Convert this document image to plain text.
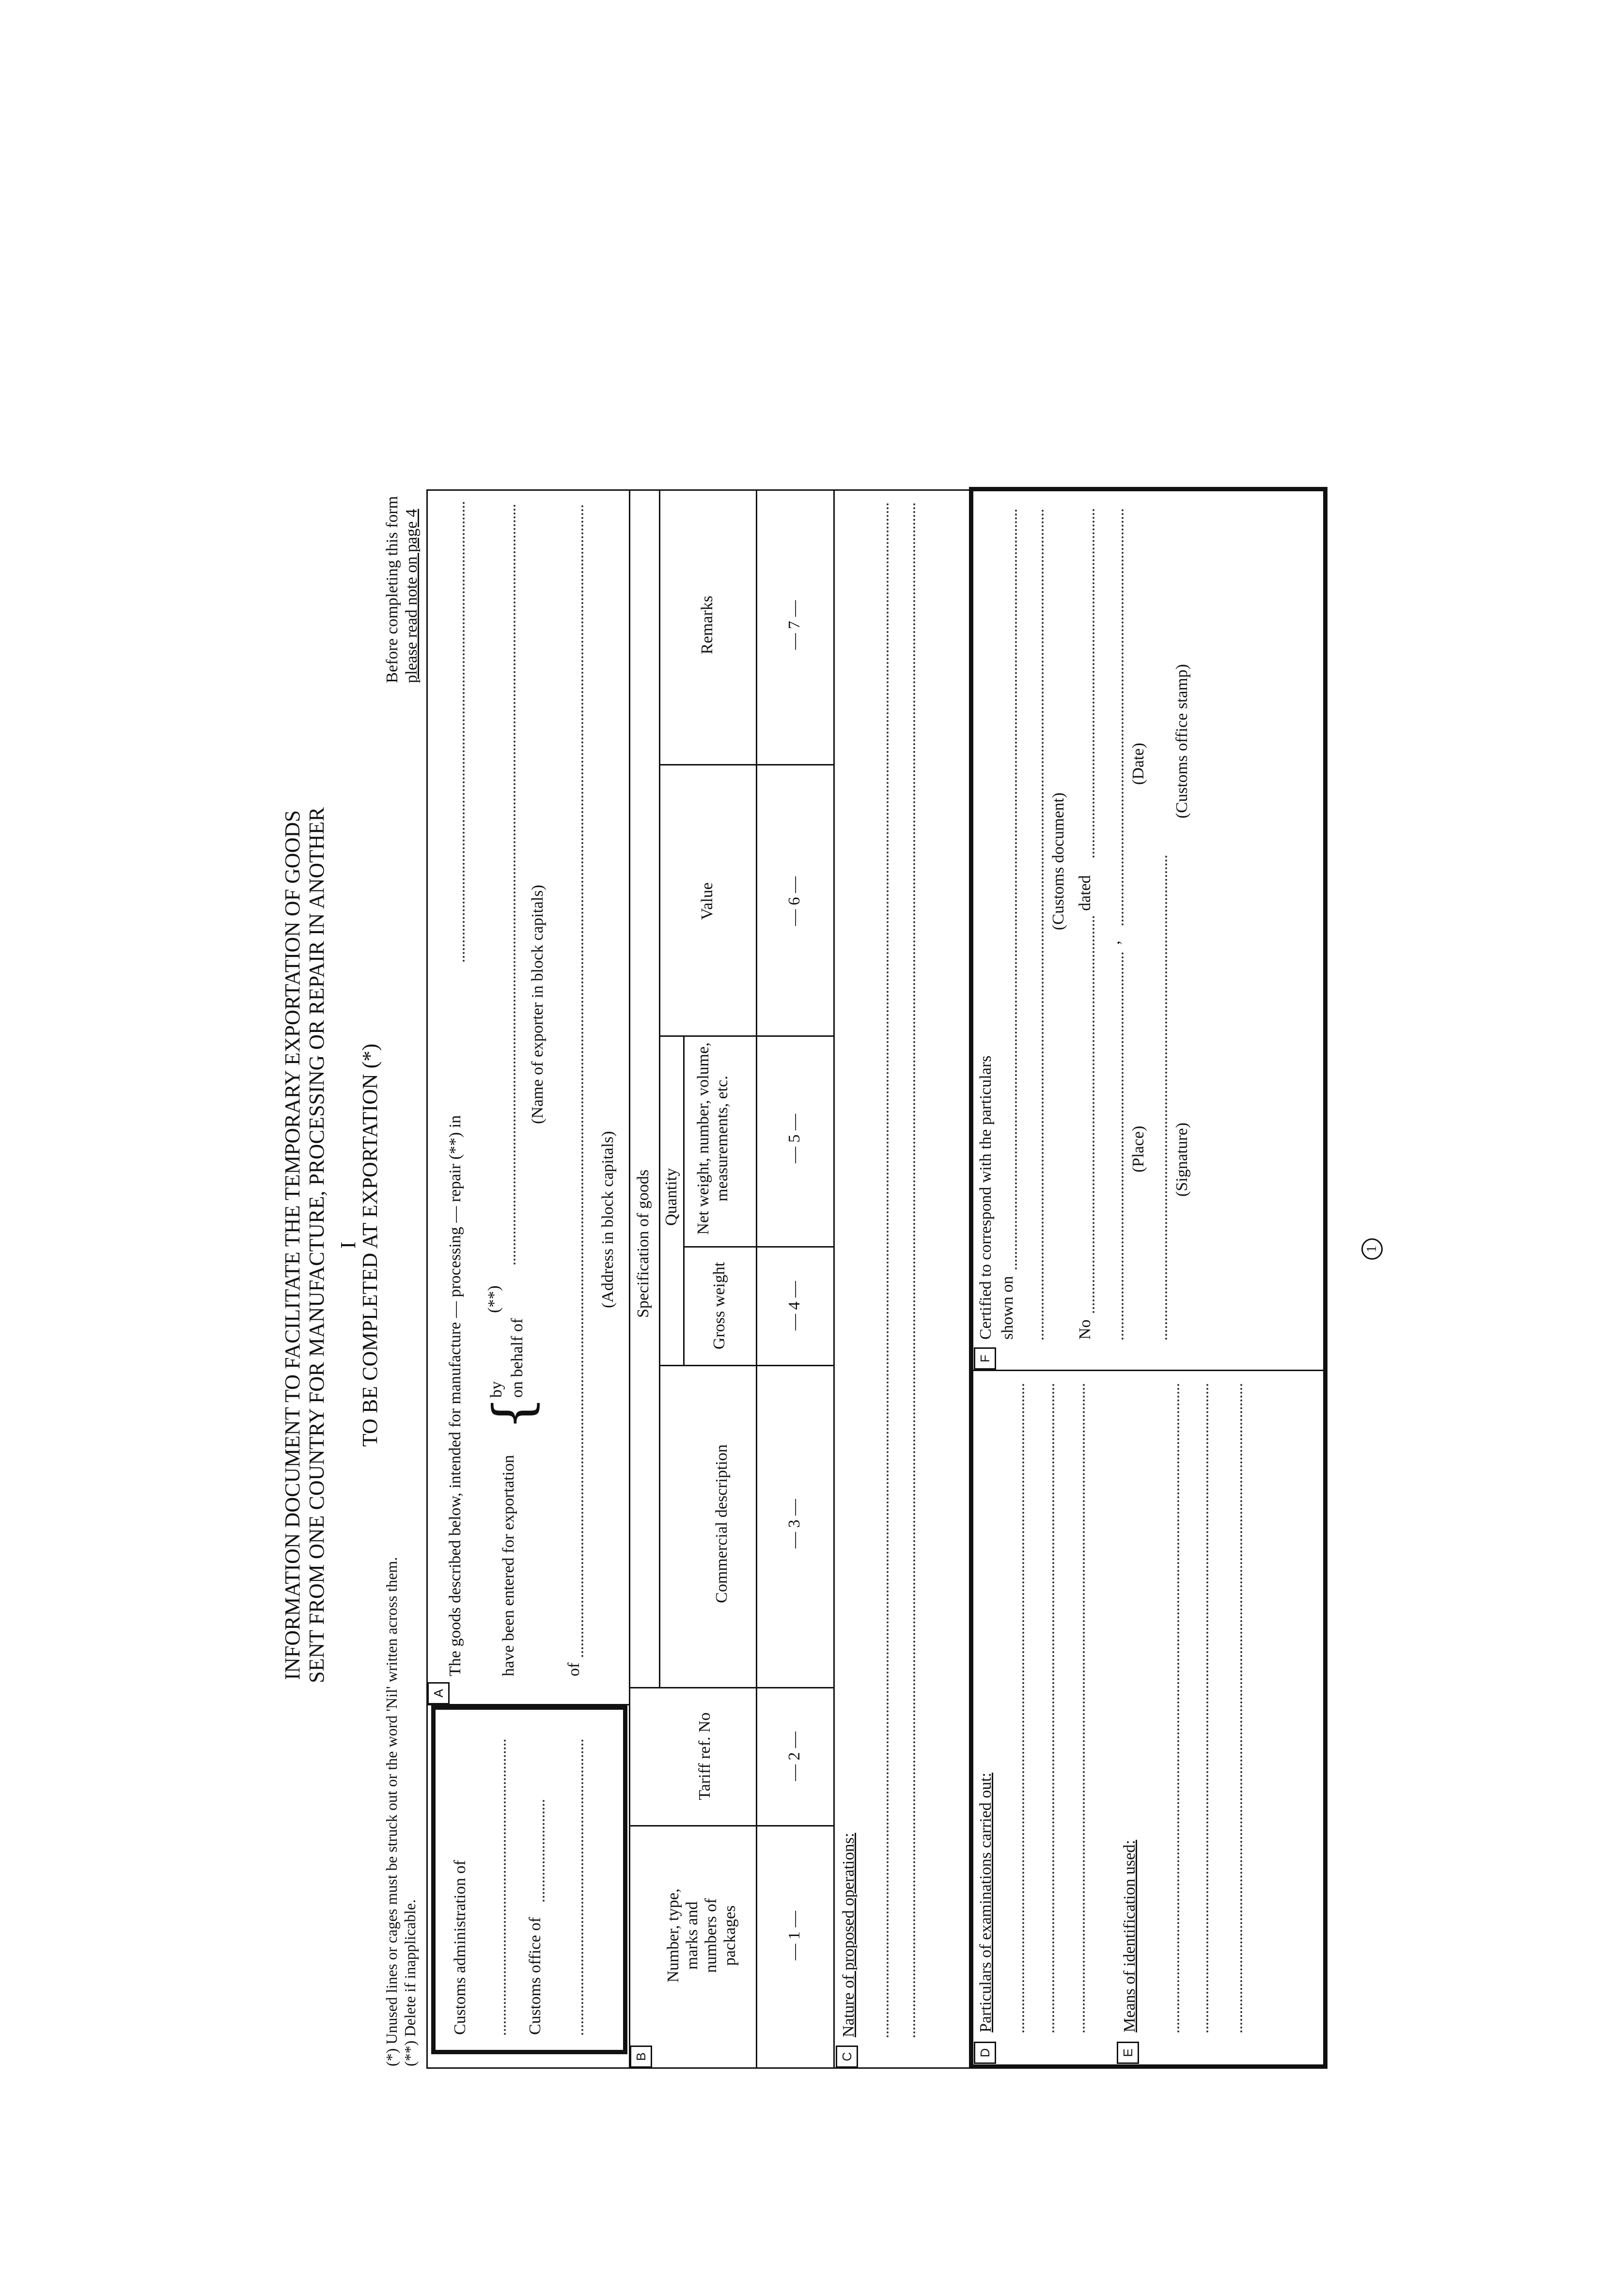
INFORMATION DOCUMENT TO FACILITATE THE TEMPORARY EXPORTATION OF GOODS SENT FROM ONE COUNTRY FOR MANUFACTURE, PROCESSING OR REPAIR IN ANOTHER I
TO BE COMPLETED AT EXPORTATION (*)
(*) Unused lines or cages must be struck out or the word 'Nil' written across them. (**) Delete if inapplicable.
Before completing this form please read note on page 4
Customs administration of	Customs office of
A
The goods described below, intended for manufacture — processing — repair (**) in have been entered for exportation
{
by on behalf of
(**)
(Name of exporter in block capitals)
of
(Address in block capitals)
B
Specification of goods Quantity
Number, type, marks and numbers of packages
Tariff ref. No
Commercial description
Gross weight
Net weight, number, volume, measurements, etc.
Value
Remarks
— 1 —
— 2 —
— 3 —
— 4 —
— 5 —
— 6 —
— 7 —
C
Nature of proposed operations:
D
Particulars of examinations carried out:
E
Means of identification used:
F
Certified to correspond with the particulars shown on
(Customs document)
No
dated
,
(Place)
(Date)
(Signature)
(Customs office stamp)
1
